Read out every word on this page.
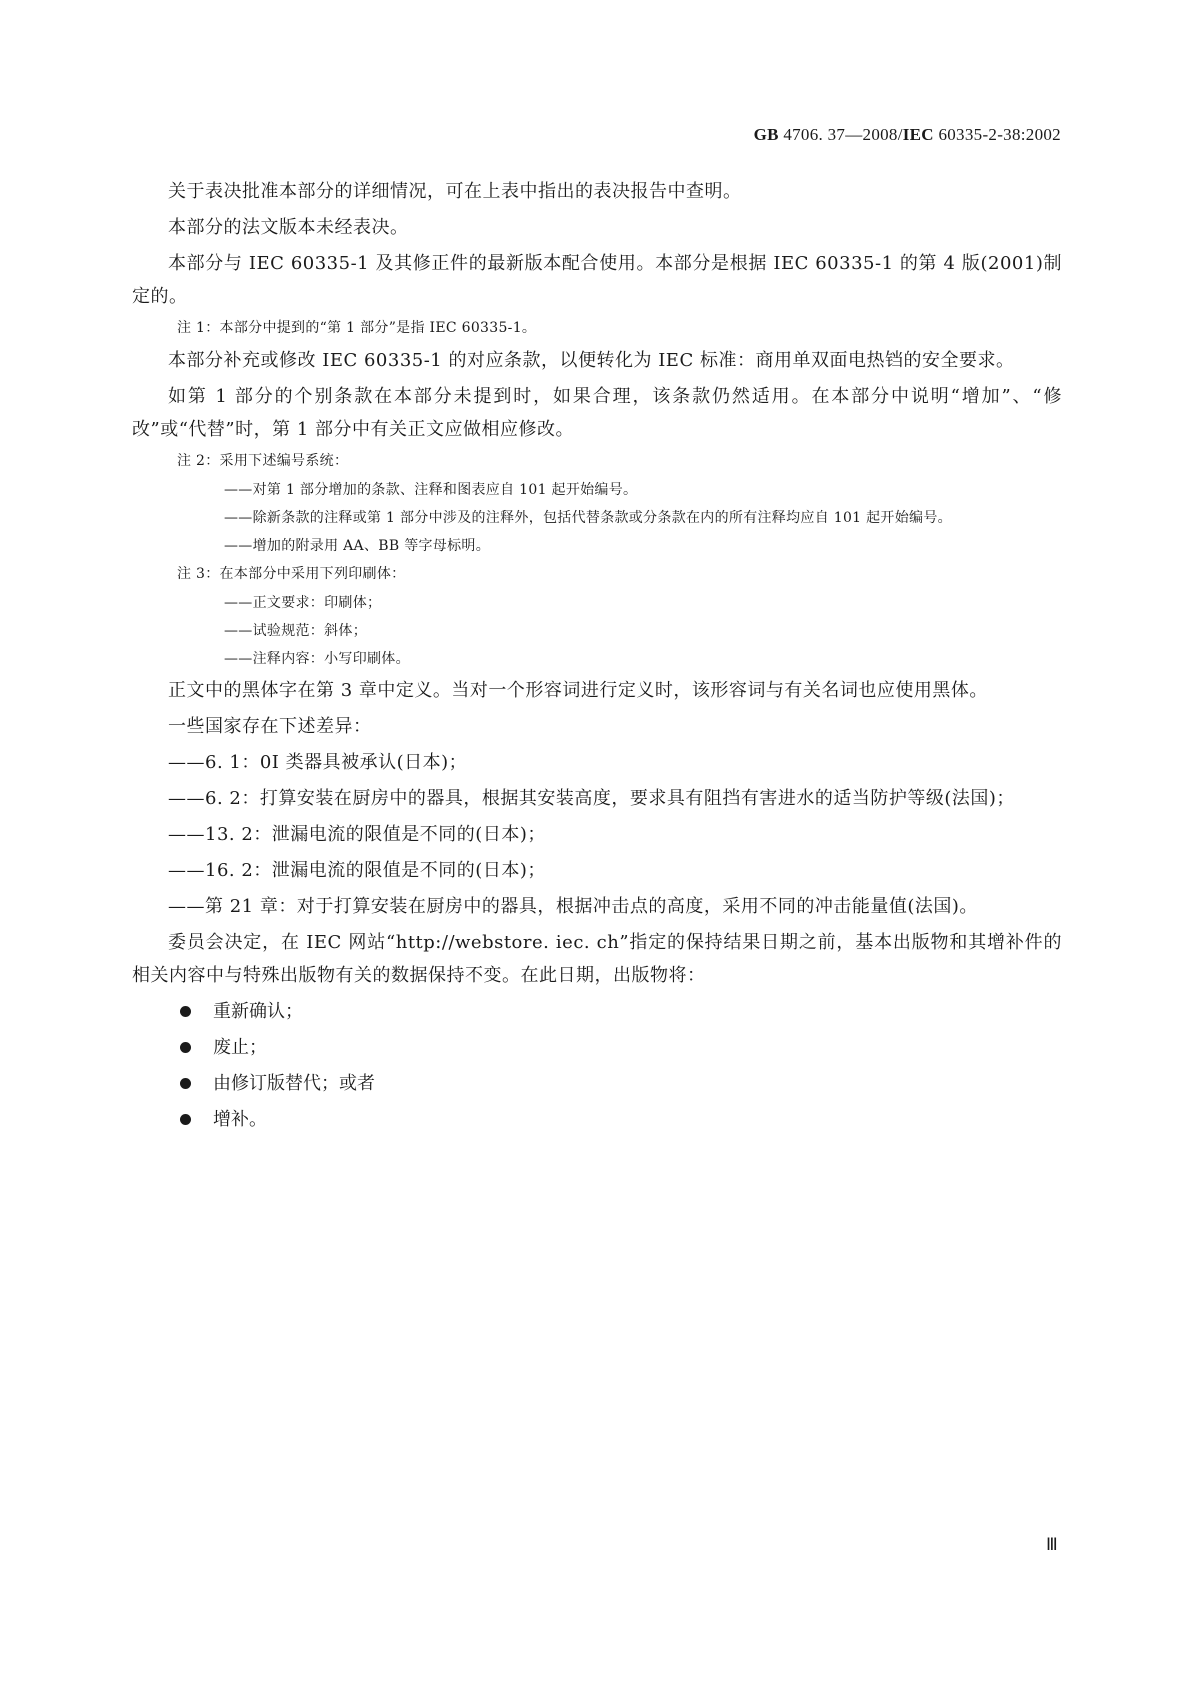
GB 4706. 37—2008/IEC 60335-2-38:2002

关于表决批准本部分的详细情况，可在上表中指出的表决报告中查明。

本部分的法文版本未经表决。

本部分与 IEC 60335-1 及其修正件的最新版本配合使用。本部分是根据 IEC 60335-1 的第 4 版(2001)制定的。

注 1：本部分中提到的“第 1 部分”是指 IEC 60335-1。

本部分补充或修改 IEC 60335-1 的对应条款，以便转化为 IEC 标准：商用单双面电热铛的安全要求。

如第 1 部分的个别条款在本部分未提到时，如果合理，该条款仍然适用。在本部分中说明“增加”、“修改”或“代替”时，第 1 部分中有关正文应做相应修改。

注 2：采用下述编号系统：
——对第 1 部分增加的条款、注释和图表应自 101 起开始编号。
——除新条款的注释或第 1 部分中涉及的注释外，包括代替条款或分条款在内的所有注释均应自 101 起开始编号。
——增加的附录用 AA、BB 等字母标明。
注 3：在本部分中采用下列印刷体：
——正文要求：印刷体；
——试验规范：斜体；
——注释内容：小写印刷体。

正文中的黑体字在第 3 章中定义。当对一个形容词进行定义时，该形容词与有关名词也应使用黑体。

一些国家存在下述差异：

——6. 1：0I 类器具被承认(日本)；
——6. 2：打算安装在厨房中的器具，根据其安装高度，要求具有阻挡有害进水的适当防护等级(法国)；
——13. 2：泄漏电流的限值是不同的(日本)；
——16. 2：泄漏电流的限值是不同的(日本)；
——第 21 章：对于打算安装在厨房中的器具，根据冲击点的高度，采用不同的冲击能量值(法国)。

委员会决定，在 IEC 网站“http://webstore. iec. ch”指定的保持结果日期之前，基本出版物和其增补件的相关内容中与特殊出版物有关的数据保持不变。在此日期，出版物将：

重新确认；
废止；
由修订版替代；或者
增补。
Ⅲ
